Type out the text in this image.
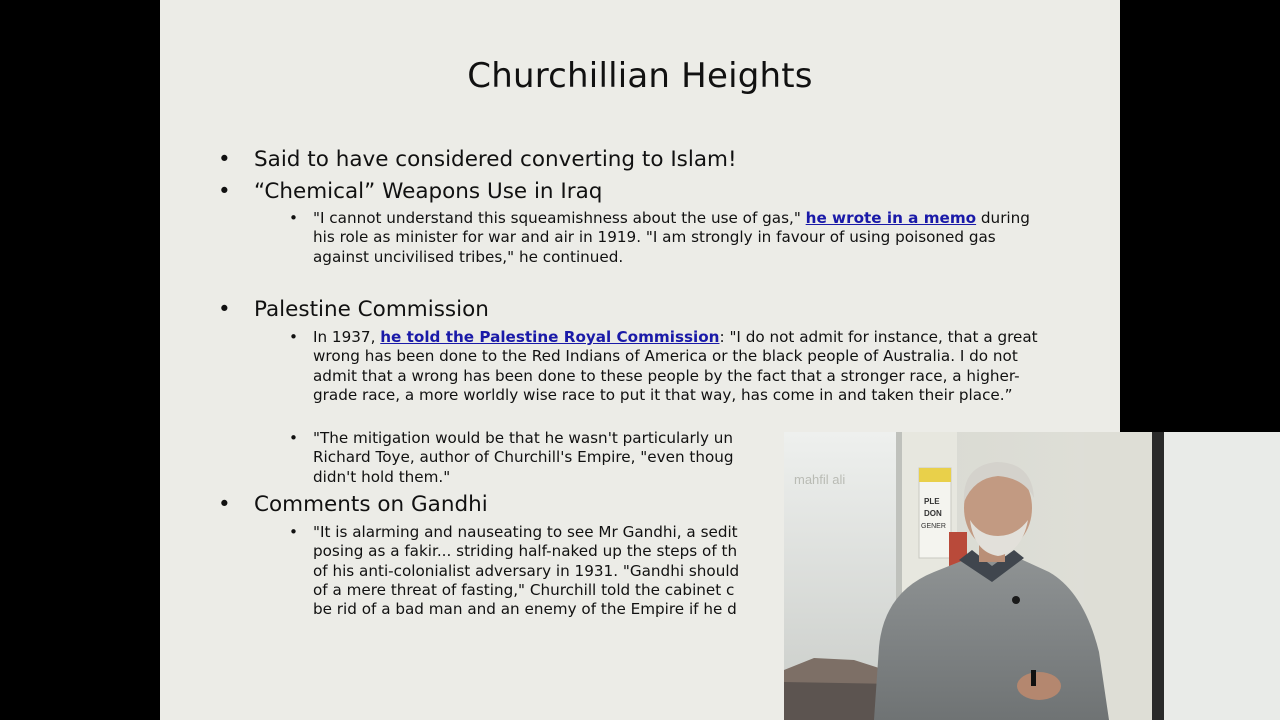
Churchillian Heights
• Said to have considered converting to Islam!
• “Chemical” Weapons Use in Iraq
• "I cannot understand this squeamishness about the use of gas," he wrote in a memo during his role as minister for war and air in 1919. "I am strongly in favour of using poisoned gas against uncivilised tribes," he continued.
• Palestine Commission
• In 1937, he told the Palestine Royal Commission: "I do not admit for instance, that a great wrong has been done to the Red Indians of America or the black people of Australia. I do not admit that a wrong has been done to these people by the fact that a stronger race, a higher-grade race, a more worldly wise race to put it that way, has come in and taken their place.”
• "The mitigation would be that he wasn't particularly un Richard Toye, author of Churchill's Empire, "even thoug didn't hold them."
• Comments on Gandhi
• "It is alarming and nauseating to see Mr Gandhi, a sedit posing as a fakir... striding half-naked up the steps of th of his anti-colonialist adversary in 1931. "Gandhi should of a mere threat of fasting," Churchill told the cabinet c be rid of a bad man and an enemy of the Empire if he d
PLE
DON
GENER
mahfil ali
